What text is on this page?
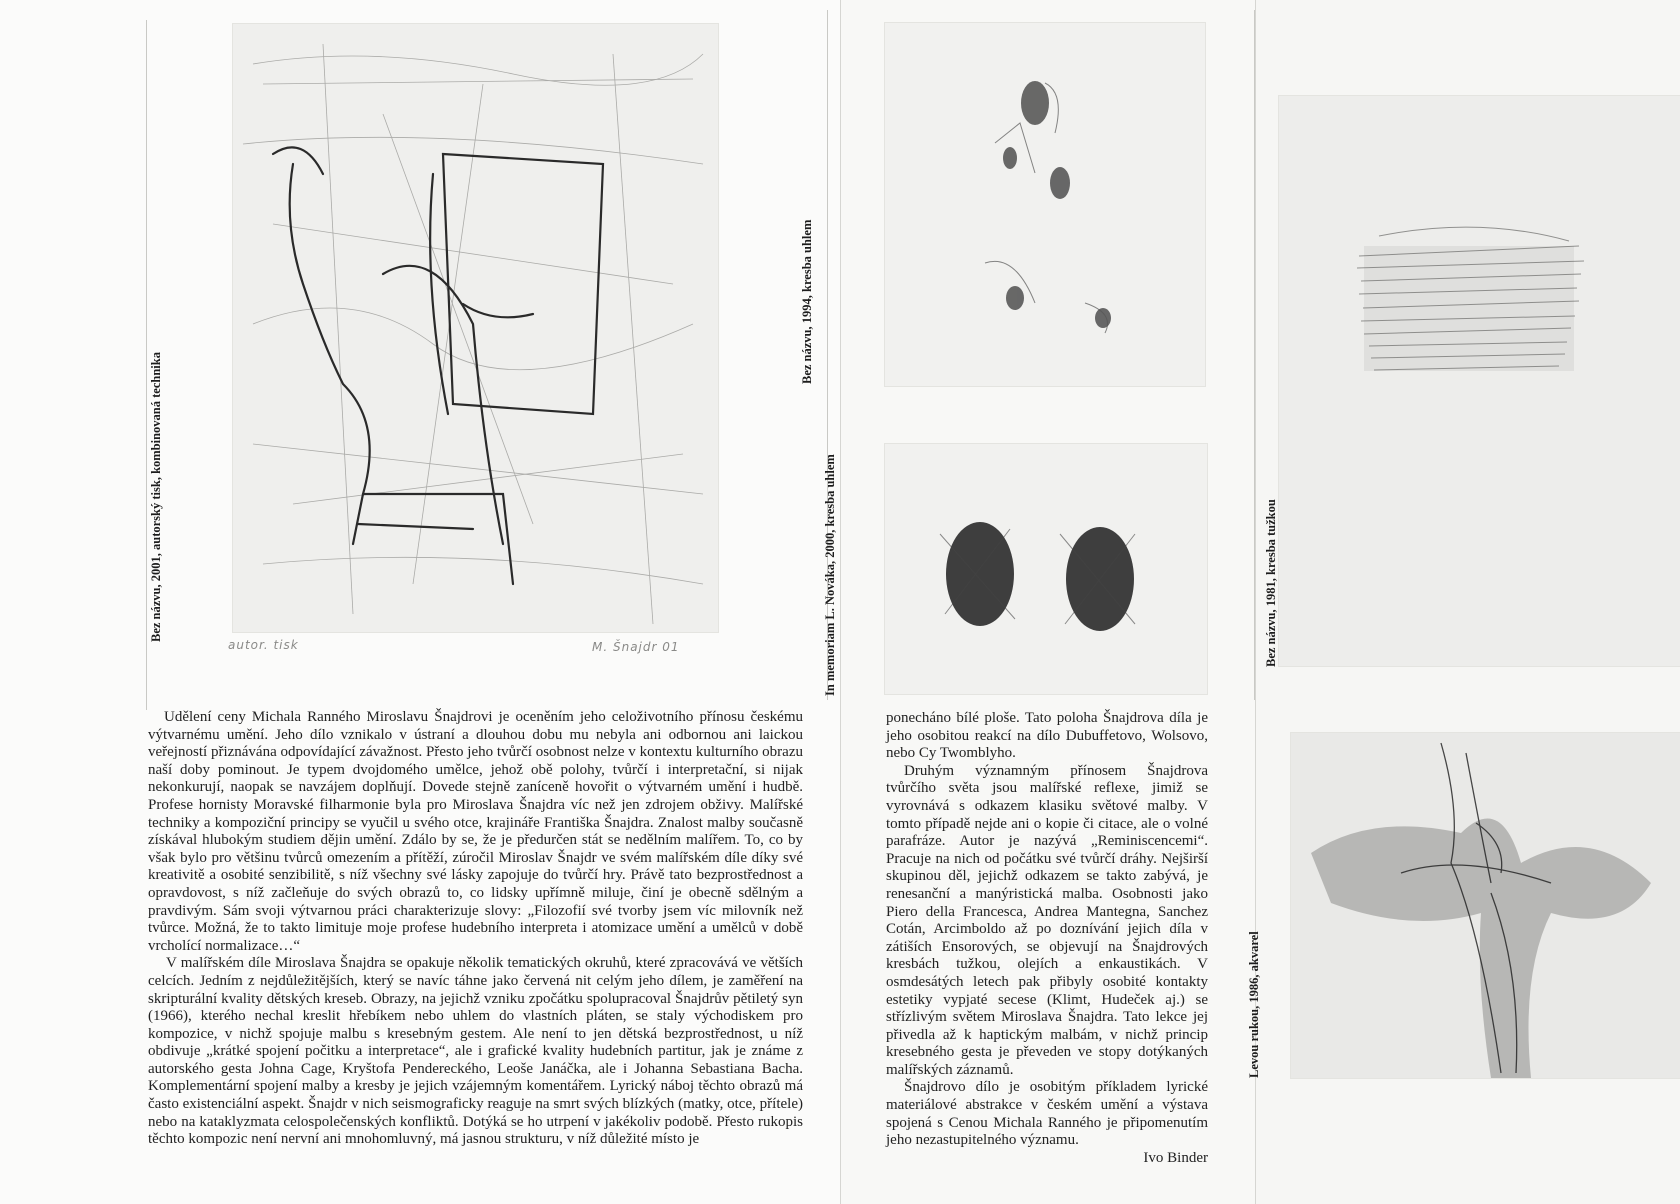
autor. tisk	M. Šnajdr 01
Bez názvu, 2001, autorský tisk, kombinovaná technika
Bez názvu, 1994, kresba uhlem
In memoriam L. Nováka, 2000, kresba uhlem	Bez názvu, 1981, kresba tužkou
Levou rukou, 1986, akvarel

Udělení ceny Michala Ranného Miroslavu Šnajdrovi je oceněním jeho celoživotního přínosu českému výtvarnému umění. Jeho dílo vznikalo v ústraní a dlouhou dobu mu nebyla ani odbornou ani laickou veřejností přiznávána odpovídající závažnost. Přesto jeho tvůrčí osobnost nelze v kontextu kulturního obrazu naší doby pominout. Je typem dvojdomého umělce, jehož obě polohy, tvůrčí i interpretační, si nijak nekonkurují, naopak se navzájem doplňují. Dovede stejně zaníceně hovořit o výtvarném umění i hudbě. Profese hornisty Moravské filharmonie byla pro Miroslava Šnajdra víc než jen zdrojem obživy. Malířské techniky a kompoziční principy se vyučil u svého otce, krajináře Františka Šnajdra. Znalost malby současně získával hlubokým studiem dějin umění. Zdálo by se, že je předurčen stát se nedělním malířem. To, co by však bylo pro většinu tvůrců omezením a přítěží, zúročil Miroslav Šnajdr ve svém malířském díle díky své kreativitě a osobité senzibilitě, s níž všechny své lásky zapojuje do tvůrčí hry. Právě tato bezprostřednost a opravdovost, s níž začleňuje do svých obrazů to, co lidsky upřímně miluje, činí je obecně sdělným a pravdivým. Sám svoji výtvarnou práci charakterizuje slovy: „Filozofií své tvorby jsem víc milovník než tvůrce. Možná, že to takto limituje moje profese hudebního interpreta i atomizace umění a umělců v době vrcholící normalizace…“

V malířském díle Miroslava Šnajdra se opakuje několik tematických okruhů, které zpracovává ve větších celcích. Jedním z nejdůležitějších, který se navíc táhne jako červená nit celým jeho dílem, je zaměření na skripturální kvality dětských kreseb. Obrazy, na jejichž vzniku zpočátku spolupracoval Šnajdrův pětiletý syn (1966), kterého nechal kreslit hřebíkem nebo uhlem do vlastních pláten, se staly východiskem pro kompozice, v nichž spojuje malbu s kresebným gestem. Ale není to jen dětská bezprostřednost, u níž obdivuje „krátké spojení počitku a interpretace“, ale i grafické kvality hudebních partitur, jak je známe z autorského gesta Johna Cage, Kryštofa Pendereckého, Leoše Janáčka, ale i Johanna Sebastiana Bacha. Komplementární spojení malby a kresby je jejich vzájemným komentářem. Lyrický náboj těchto obrazů má často existenciální aspekt. Šnajdr v nich seismograficky reaguje na smrt svých blízkých (matky, otce, přítele) nebo na kataklyzmata celospolečenských konfliktů. Dotýká se ho utrpení v jakékoliv podobě. Přesto rukopis těchto kompozic není nervní ani mnohomluvný, má jasnou strukturu, v níž důležité místo je

ponecháno bílé ploše. Tato poloha Šnajdrova díla je jeho osobitou reakcí na dílo Dubuffetovo, Wolsovo, nebo Cy Twomblyho.

Druhým významným přínosem Šnajdrova tvůrčího světa jsou malířské reflexe, jimiž se vyrovnává s odkazem klasiku světové malby. V tomto případě nejde ani o kopie či citace, ale o volné parafráze. Autor je nazývá „Reminiscencemi“. Pracuje na nich od počátku své tvůrčí dráhy. Nejširší skupinou děl, jejichž odkazem se takto zabývá, je renesanční a manýristická malba. Osobnosti jako Piero della Francesca, Andrea Mantegna, Sanchez Cotán, Arcimboldo až po doznívání jejich díla v zátiších Ensorových, se objevují na Šnajdrových kresbách tužkou, olejích a enkaustikách. V osmdesátých letech pak přibyly osobité kontakty estetiky vypjaté secese (Klimt, Hudeček aj.) se střízlivým světem Miroslava Šnajdra. Tato lekce jej přivedla až k haptickým malbám, v nichž princip kresebného gesta je převeden ve stopy dotýkaných malířských záznamů.

Šnajdrovo dílo je osobitým příkladem lyrické materiálové abstrakce v českém umění a výstava spojená s Cenou Michala Ranného je připomenutím jeho nezastupitelného významu.

Ivo Binder
